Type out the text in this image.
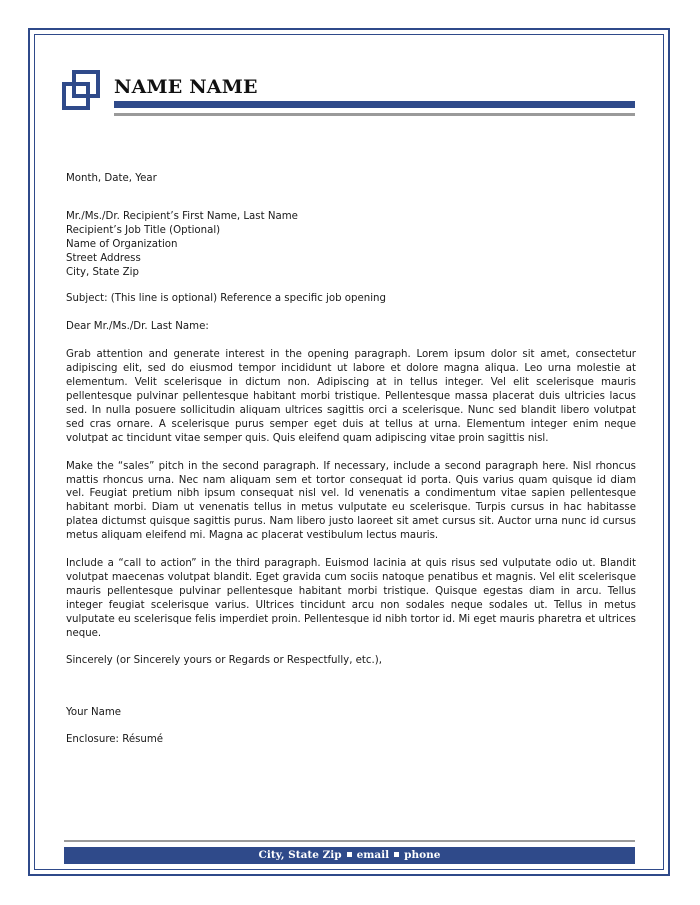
NAME NAME

Month, Date, Year

Mr./Ms./Dr. Recipient’s First Name, Last Name
Recipient’s Job Title (Optional)
Name of Organization
Street Address
City, State Zip

Subject: (This line is optional) Reference a specific job opening

Dear Mr./Ms./Dr. Last Name:

Grab attention and generate interest in the opening paragraph. Lorem ipsum dolor sit amet, consectetur adipiscing elit, sed do eiusmod tempor incididunt ut labore et dolore magna aliqua. Leo urna molestie at elementum. Velit scelerisque in dictum non. Adipiscing at in tellus integer. Vel elit scelerisque mauris pellentesque pulvinar pellentesque habitant morbi tristique. Pellentesque massa placerat duis ultricies lacus sed. In nulla posuere sollicitudin aliquam ultrices sagittis orci a scelerisque. Nunc sed blandit libero volutpat sed cras ornare. A scelerisque purus semper eget duis at tellus at urna. Elementum integer enim neque volutpat ac tincidunt vitae semper quis. Quis eleifend quam adipiscing vitae proin sagittis nisl.

Make the “sales” pitch in the second paragraph. If necessary, include a second paragraph here. Nisl rhoncus mattis rhoncus urna. Nec nam aliquam sem et tortor consequat id porta. Quis varius quam quisque id diam vel. Feugiat pretium nibh ipsum consequat nisl vel. Id venenatis a condimentum vitae sapien pellentesque habitant morbi. Diam ut venenatis tellus in metus vulputate eu scelerisque. Turpis cursus in hac habitasse platea dictumst quisque sagittis purus. Nam libero justo laoreet sit amet cursus sit. Auctor urna nunc id cursus metus aliquam eleifend mi. Magna ac placerat vestibulum lectus mauris.

Include a “call to action” in the third paragraph. Euismod lacinia at quis risus sed vulputate odio ut. Blandit volutpat maecenas volutpat blandit. Eget gravida cum sociis natoque penatibus et magnis. Vel elit scelerisque mauris pellentesque pulvinar pellentesque habitant morbi tristique. Quisque egestas diam in arcu. Tellus integer feugiat scelerisque varius. Ultrices tincidunt arcu non sodales neque sodales ut. Tellus in metus vulputate eu scelerisque felis imperdiet proin. Pellentesque id nibh tortor id. Mi eget mauris pharetra et ultrices neque.

Sincerely (or Sincerely yours or Regards or Respectfully, etc.),

Your Name

Enclosure: Résumé

City, State Zip email phone
